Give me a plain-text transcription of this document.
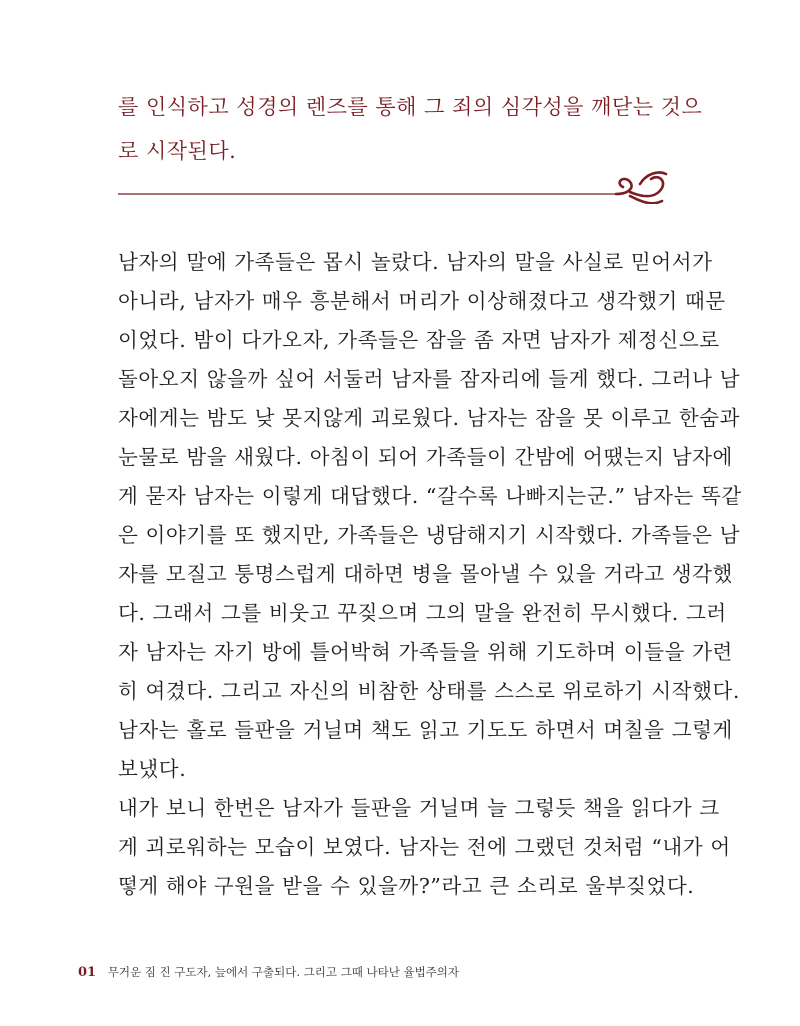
를 인식하고 성경의 렌즈를 통해 그 죄의 심각성을 깨닫는 것으
로 시작된다.
남자의 말에 가족들은 몹시 놀랐다. 남자의 말을 사실로 믿어서가
아니라, 남자가 매우 흥분해서 머리가 이상해졌다고 생각했기 때문
이었다. 밤이 다가오자, 가족들은 잠을 좀 자면 남자가 제정신으로
돌아오지 않을까 싶어 서둘러 남자를 잠자리에 들게 했다. 그러나 남
자에게는 밤도 낮 못지않게 괴로웠다. 남자는 잠을 못 이루고 한숨과
눈물로 밤을 새웠다. 아침이 되어 가족들이 간밤에 어땠는지 남자에
게 묻자 남자는 이렇게 대답했다. “갈수록 나빠지는군.” 남자는 똑같
은 이야기를 또 했지만, 가족들은 냉담해지기 시작했다. 가족들은 남
자를 모질고 퉁명스럽게 대하면 병을 몰아낼 수 있을 거라고 생각했
다. 그래서 그를 비웃고 꾸짖으며 그의 말을 완전히 무시했다. 그러
자 남자는 자기 방에 틀어박혀 가족들을 위해 기도하며 이들을 가련
히 여겼다. 그리고 자신의 비참한 상태를 스스로 위로하기 시작했다.
남자는 홀로 들판을 거닐며 책도 읽고 기도도 하면서 며칠을 그렇게
보냈다.
내가 보니 한번은 남자가 들판을 거닐며 늘 그렇듯 책을 읽다가 크
게 괴로워하는 모습이 보였다. 남자는 전에 그랬던 것처럼 “내가 어
떻게 해야 구원을 받을 수 있을까?”라고 큰 소리로 울부짖었다.
01 무거운 짐 진 구도자, 늪에서 구출되다. 그리고 그때 나타난 율법주의자
